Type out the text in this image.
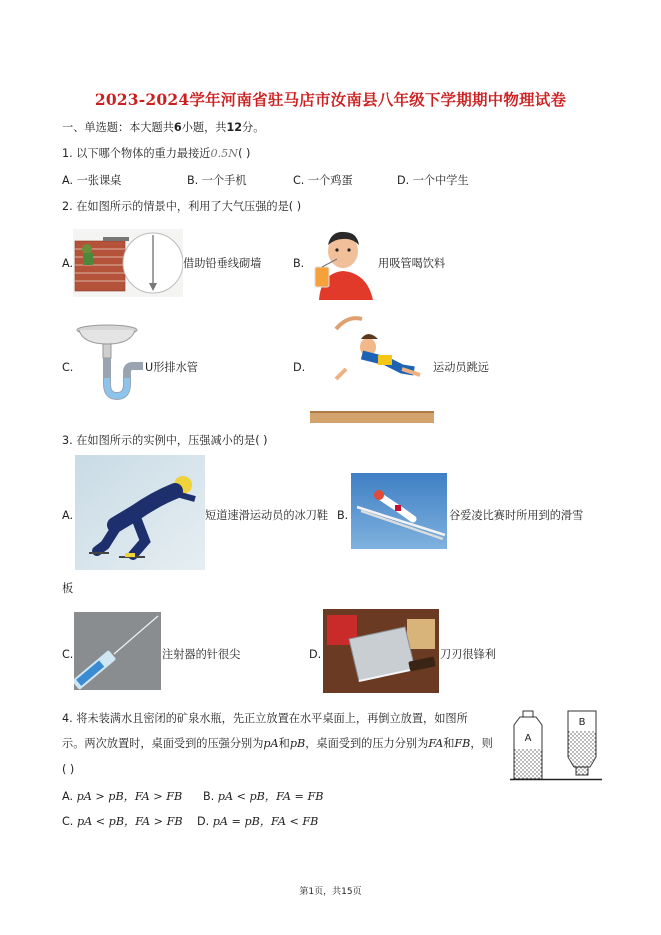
2023-2024学年河南省驻马店市汝南县八年级下学期期中物理试卷
一、单选题：本大题共6小题，共12分。
1. 以下哪个物体的重力最接近0.5N( )
A. 一张课桌	B. 一个手机	C. 一个鸡蛋	D. 一个中学生
2. 在如图所示的情景中，利用了大气压强的是( )
A.	借助铅垂线砌墙	B.	用吸管喝饮料
C.	U形排水管	D.	运动员跳远
3. 在如图所示的实例中，压强减小的是( )
A.	短道速滑运动员的冰刀鞋 B.	谷爱凌比赛时所用到的滑雪
板
C.	注射器的针很尖	D.	刀刃很锋利
4. 将未装满水且密闭的矿泉水瓶，先正立放置在水平桌面上，再倒立放置，如图所
示。两次放置时，桌面受到的压强分别为pA和pB，桌面受到的压力分别为FA和FB，则
( )
A. pA > pB，FA > FB B. pA < pB，FA = FB
C. pA < pB，FA > FB D. pA = pB，FA < FB
A
B
第1页，共15页
